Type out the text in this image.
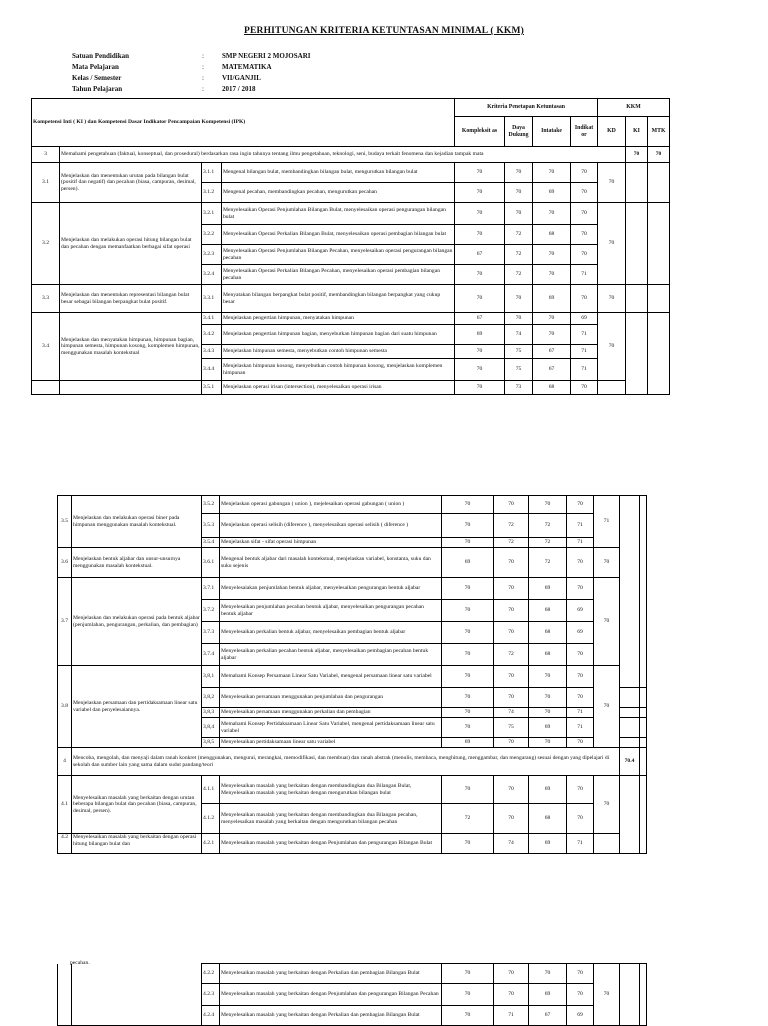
PERHITUNGAN KRITERIA KETUNTASAN MINIMAL ( KKM)
Satuan Pendidikan	:	SMP NEGERI 2 MOJOSARI
Mata Pelajaran	:	MATEMATIKA
Kelas / Semester	:	VII/GANJIL
Tahun Pelajaran	:	2017 / 2018
Kompetensi Inti ( KI ) dan Kompetensi Dasar Indikator Pencampaian Kompetensi (IPK)				Kriteria Penetapan Ketuntasan				KKM		
				Kompleksit as	Daya Dukung	Intatake	Indikat or	KD	KI	MTK
3	Memahami pengetahuan (faktual, konseptual, dan prosedural) berdasarkan rasa ingin tahunya tentang ilmu pengetahuan, teknologi, seni, budaya terkait fenomena dan kejadian tampak mata								70	70
3.1	Menjelaskan dan menentukan urutan pada bilangan bulat (positif dan negatif) dan pecahan (biasa, campuran, desimal, persen).	3.1.1	Mengenal bilangan bulat, membandingkan bilangan bulat, mengurutkan bilangan bulat	70	70	70	70	70		
		3.1.2	Mengenal pecahan, membandingkan pecahan, mengurutkan pecahan	70	70	69	70			
3.2	Menjelaskan dan melakukan operasi hitung bilangan bulat dan pecahan dengan memanfaatkan berbagai sifat operasi	3.2.1	Menyelesaikan Operasi Penjumlahan Bilangan Bulat, menyelesaikan operasi pengurangan bilangan bulat	70	70	70	70	70		
		3.2.2	Menyelesaikan Operasi Perkalian Bilangan Bulat, menyelesaikan operasi pembagian bilangan bulat	70	72	68	70			
		3.2.3	Menyelesaikan Operasi Penjumlahan Bilangan Pecahan, menyelesaikan operasi pengurangan bilangan pecahan	67	72	70	70			
		3.2.4	Menyelesaikan Operasi Perkalian Bilangan Pecahan, menyelesaikan operasi pembagian bilangan pecahan	70	72	70	71			
3.3	Menjelaskan dan menentukan representasi bilangan bulat besar sebagai bilangan berpangkat bulat positif.	3.3.1	Menyatakan bilangan berpangkat bulat positif, membandingkan bilangan berpangkat yang cukup besar	70	70	69	70	70		
3.4	Menjelaskan dan menyatakan himpunan, himpunan bagian, himpunan semesta, himpunan kosong, komplemen himpunan, menggunakan masalah kontekstual	3.4.1	Menjelaskan pengertian himpunan, menyatakan himpunan	67	70	70	69	70		
		3.4.2	Menjelaskan pengertian himpunan bagian, menyebutkan himpunan bagian dari suatu himpunan	69	74	70	71			
		3.4.3	Menjelaskan himpunan semesta, menyebutkan contoh himpunan semesta	70	75	67	71			
		3.4.4	Menjelaskan himpunan kosong, menyebutkan contoh himpunan kosong, menjelaskan komplemen himpunan	70	75	67	71			
		3.5.1	Menjelaskan operasi irisan (intersection), menyelesaikan operasi irisan	70	73	68	70			
3.5	Menjelaskan dan melakukan operasi biner pada himpunan menggunakan masalah kontekstual.	3.5.2	Menjelaskan operasi gabungan ( union ), mejelesaikan operasi gabungan ( union )	70	70	70	70	71		
		3.5.3	Menjelaskan operasi selisih (diference ), menyelesaikan operasi selisih ( diference )	70	72	72	71			
		3.5.4	Menjelaskan sifat - sifat operasi himpunan	70	72	72	71			
3.6	Menjelaskan bentuk aljabar dan unsur-unsurnya menggunakan masalah kontekstual.	3.6.1	Mengenal bentuk aljabar dari masalah kontekstual, menjelaskan variabel, konstanta, suku dan suku sejenis	69	70	72	70	70		
3.7	Menjelaskan dan melakukan operasi pada bentuk aljabar (penjumlahan, pengurangan, perkalian, dan pembagian)	3.7.1	Menyelesaiakan penjumlahan bentuk aljabar, menyelesaikan pengurangan bentuk aljabar	70	70	69	70	70		
		3.7.2	Menyelesaikan penjumlahan pecahan bentuk aljabar, menyelesaikan pengurangan pecahan bentuk aljabar	70	70	68	69			
		3.7.3	Menyelesaikan perkalian bentuk aljabar, menyelesaikan pembagian bentuk aljabar	70	70	68	69			
		3.7.4	Menyelesaikan perkalian pecahan bentuk aljabar, menyelesaikan pembagian pecahan bentuk aljabar	70	72	68	70			
3.8	Menjelaskan persamaan dan pertidaksamaan linear satu variabel dan penyelesaiannya.	3,8,1	Memahami Konsep Persamaan Linear Satu Variabel, mengenal persamaan linear satu variabel	70	70	70	70	70		
		3,8,2	Menyelesaikan persamaan menggunakan penjumlahan dan pengurangan	70	70	70	70			
		3,8,3	Menyelesaikan persamaan menggunakan perkalian dan pembagian	70	74	70	71			
		3,8,4	Memahami Konsep Pertidaksamaan Linear Satu Variabel, mengenal pertidaksamaan linear satu variabel	70	75	69	71			
		3,8,5	Menyelesaikan pertidaksamaan linear satu variabel	69	70	70	70			
4	Mencoba, mengolah, dan menyaji dalam ranah konkret (menggunakan, mengurai, merangkai, memodifikasi, dan membuat) dan ranah abstrak (menulis, membaca, menghitung, menggambar, dan mengarang) sesuai dengan yang dipelajari di sekolah dan sumber lain yang sama dalam sudut pandang/teori								70.4	
4.1	Menyelesaikan masalah yang berkaitan dengan urutan beberapa bilangan bulat dan pecahan (biasa, campuran, desimal, persen).	4.1.1	Menyelesaikan masalah yang berkaitan dengan membandingkan dua Bilangan Bulat, Menyelesaikan masalah yang berkaitan dengan mengurutkan bilangan bulat	70	70	69	70	70		
		4.1.2	Menyelesaikan masalah yang berkaitan dengan membandingkan dua Bilangan pecahan, menyelesaikan masalah yang berkaitan dengan mengurutkan bilangan pecahan	72	70	68	70			
4.2	Menyelesaikan masalah yang berkaitan dengan operasi hitung bilangan bulat dan	4.2.1	Menyelesaikan masalah yang berkaitan dengan Penjumlahan dan pengurangan Bilangan Bulat	70	74	69	71			
pecahan.
		4.2.2	Menyelesaikan masalah yang berkaitan dengan Perkalian dan pembagian Bilangan Bulat	70	70	70	70	70		
		4.2.3	Menyelesaikan masalah yang berkaitan dengan Penjumlahan dan pengurangan Bilangan Pecahan	70	70	69	70			
		4.2.4	Menyelesaikan masalah yang berkaitan dengan Perkalian dan pembagian Bilangan Bulat	70	71	67	69			
